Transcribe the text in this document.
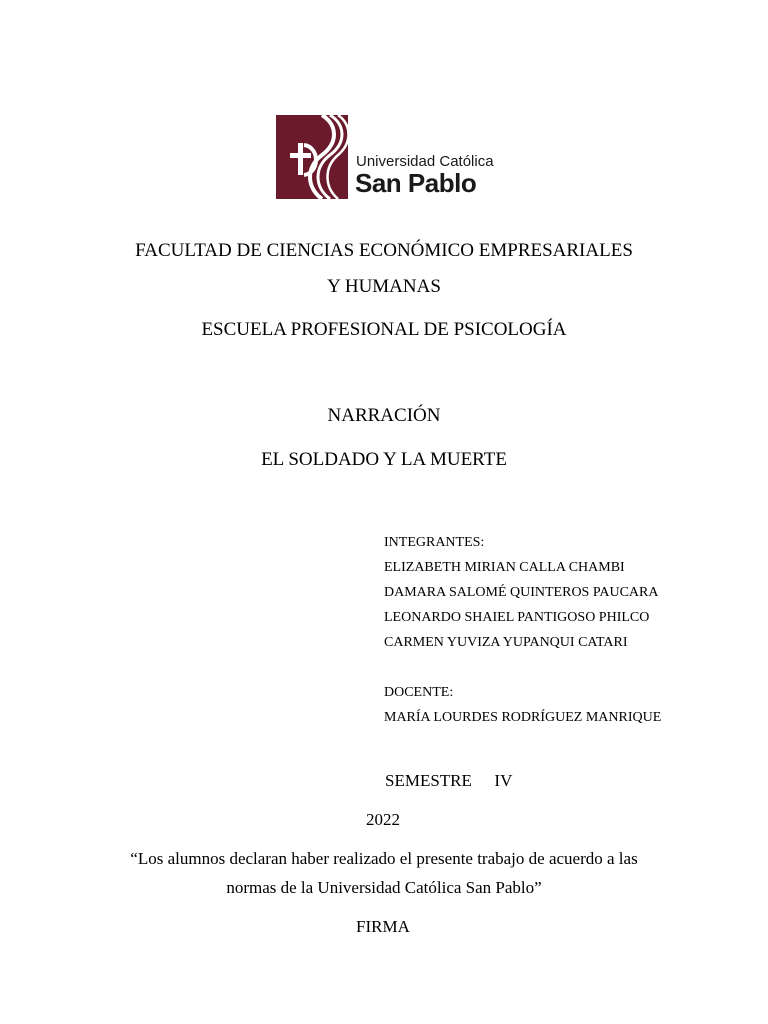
Universidad Católica
San Pablo
FACULTAD DE CIENCIAS ECONÓMICO EMPRESARIALES
Y HUMANAS
ESCUELA PROFESIONAL DE PSICOLOGÍA
NARRACIÓN
EL SOLDADO Y LA MUERTE
INTEGRANTES:
ELIZABETH MIRIAN CALLA CHAMBI
DAMARA SALOMÉ QUINTEROS PAUCARA
LEONARDO SHAIEL PANTIGOSO PHILCO
CARMEN YUVIZA YUPANQUI CATARI
DOCENTE:
MARÍA LOURDES RODRÍGUEZ MANRIQUE
SEMESTRE IV
2022
“Los alumnos declaran haber realizado el presente trabajo de acuerdo a las
normas de la Universidad Católica San Pablo”
FIRMA
